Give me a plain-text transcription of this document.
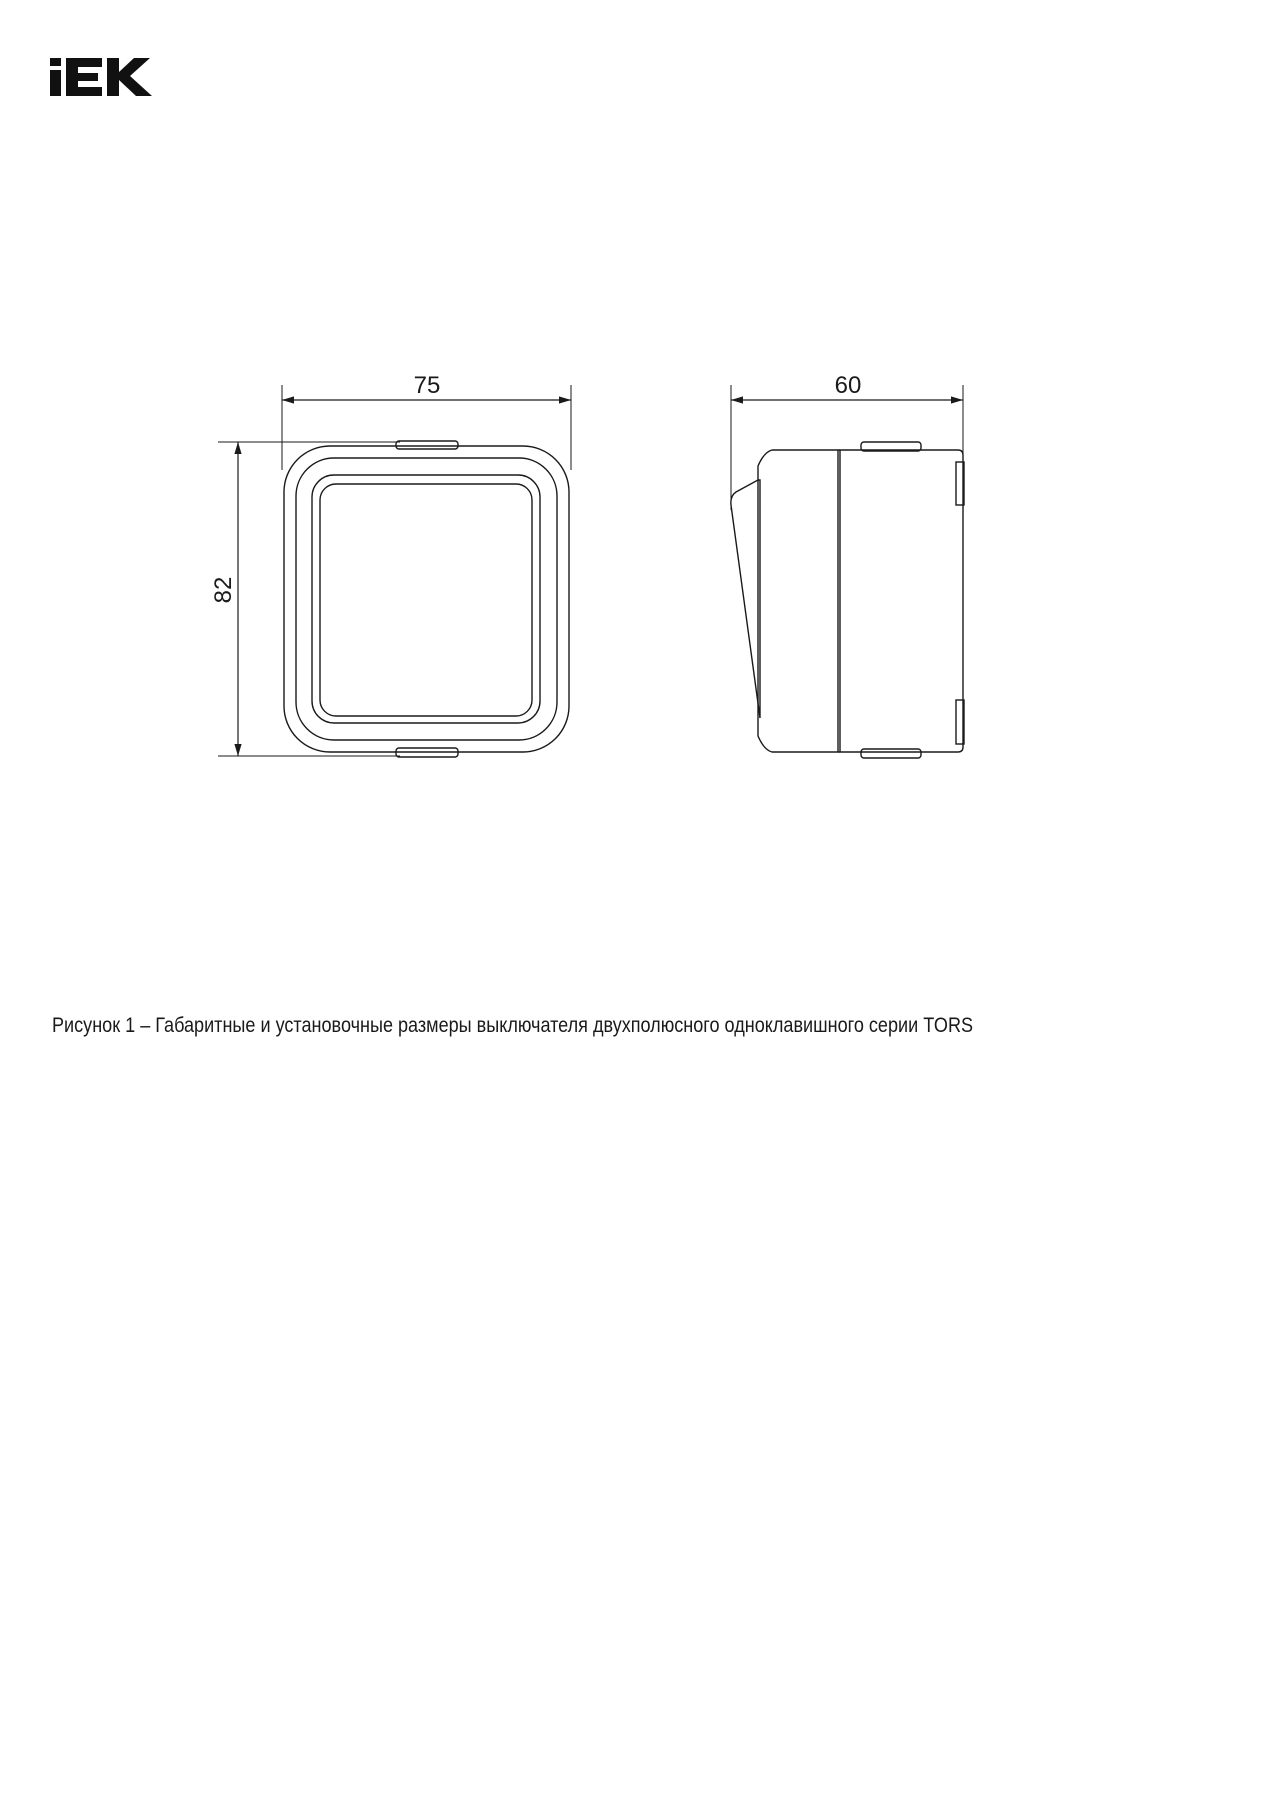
75
82
60
Рисунок 1 – Габаритные и установочные размеры выключателя двухполюсного одноклавишного серии TORS
